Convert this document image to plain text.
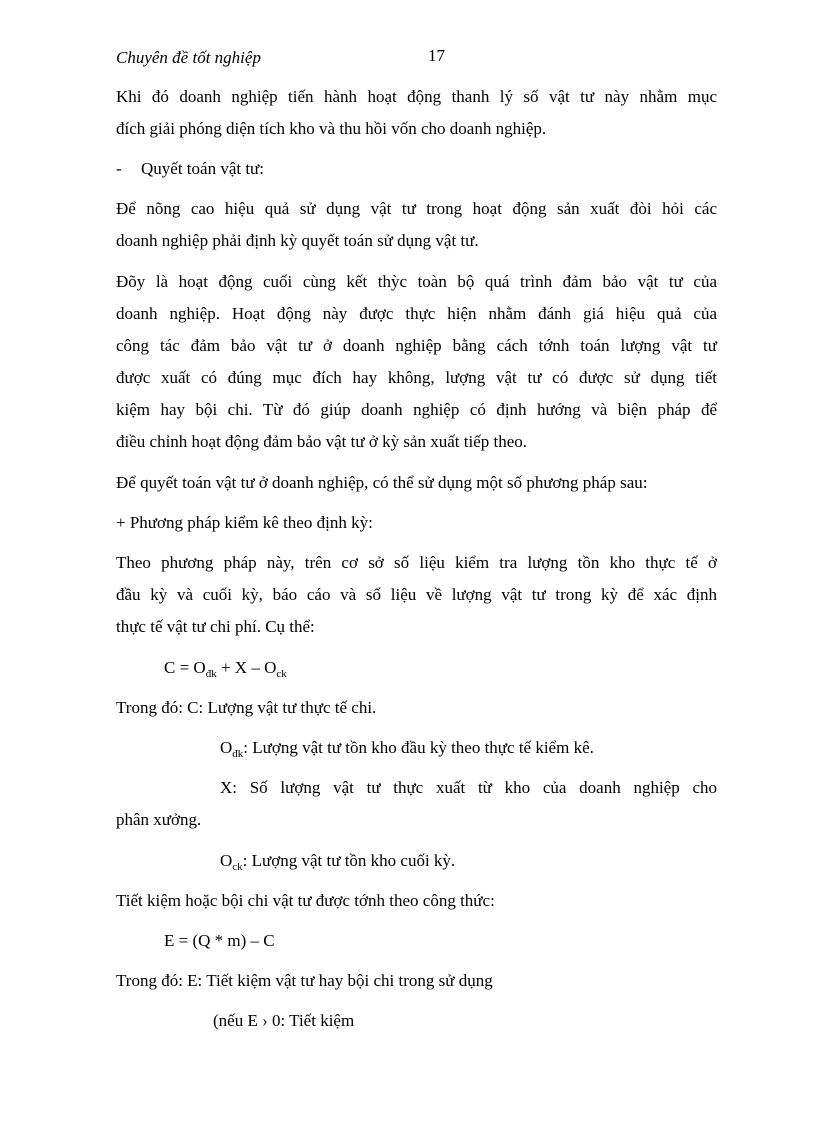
Chuyên đề tốt nghiệp	17
Khi đó doanh nghiệp tiến hành hoạt động thanh lý số vật tư này nhằm mục
đích giải phóng diện tích kho và thu hồi vốn cho doanh nghiệp.
- Quyết toán vật tư:
Để nõng cao hiệu quả sử dụng vật tư trong hoạt động sản xuất đòi hỏi các
doanh nghiệp phải định kỳ quyết toán sử dụng vật tư.
Đõy là hoạt động cuối cùng kết thỳc toàn bộ quá trình đảm bảo vật tư của
doanh nghiệp. Hoạt động này được thực hiện nhằm đánh giá hiệu quả của
công tác đảm bảo vật tư ở doanh nghiệp bằng cách tớnh toán lượng vật tư
được xuất có đúng mục đích hay không, lượng vật tư có được sử dụng tiết
kiệm hay bội chi. Từ đó giúp doanh nghiệp có định hướng và biện pháp để
điều chỉnh hoạt động đảm bảo vật tư ở kỳ sản xuất tiếp theo.
Để quyết toán vật tư ở doanh nghiệp, có thể sử dụng một số phương pháp sau:
+ Phương pháp kiểm kê theo định kỳ:
Theo phương pháp này, trên cơ sở số liệu kiểm tra lượng tồn kho thực tế ở
đầu kỳ và cuối kỳ, báo cáo và số liệu về lượng vật tư trong kỳ để xác định
thực tế vật tư chi phí. Cụ thể:
$C = O_{đk} + X - O_{ck}$
Trong đó: C: Lượng vật tư thực tế chi.
$O_{đk}$: Lượng vật tư tồn kho đầu kỳ theo thực tế kiểm kê.
X: Số lượng vật tư thực xuất từ kho của doanh nghiệp cho
phân xưởng.
$O_{ck}$: Lượng vật tư tồn kho cuối kỳ.
Tiết kiệm hoặc bội chi vật tư được tớnh theo công thức:
E = (Q * m) – C
Trong đó: E: Tiết kiệm vật tư hay bội chi trong sử dụng
(nếu E › 0: Tiết kiệm
